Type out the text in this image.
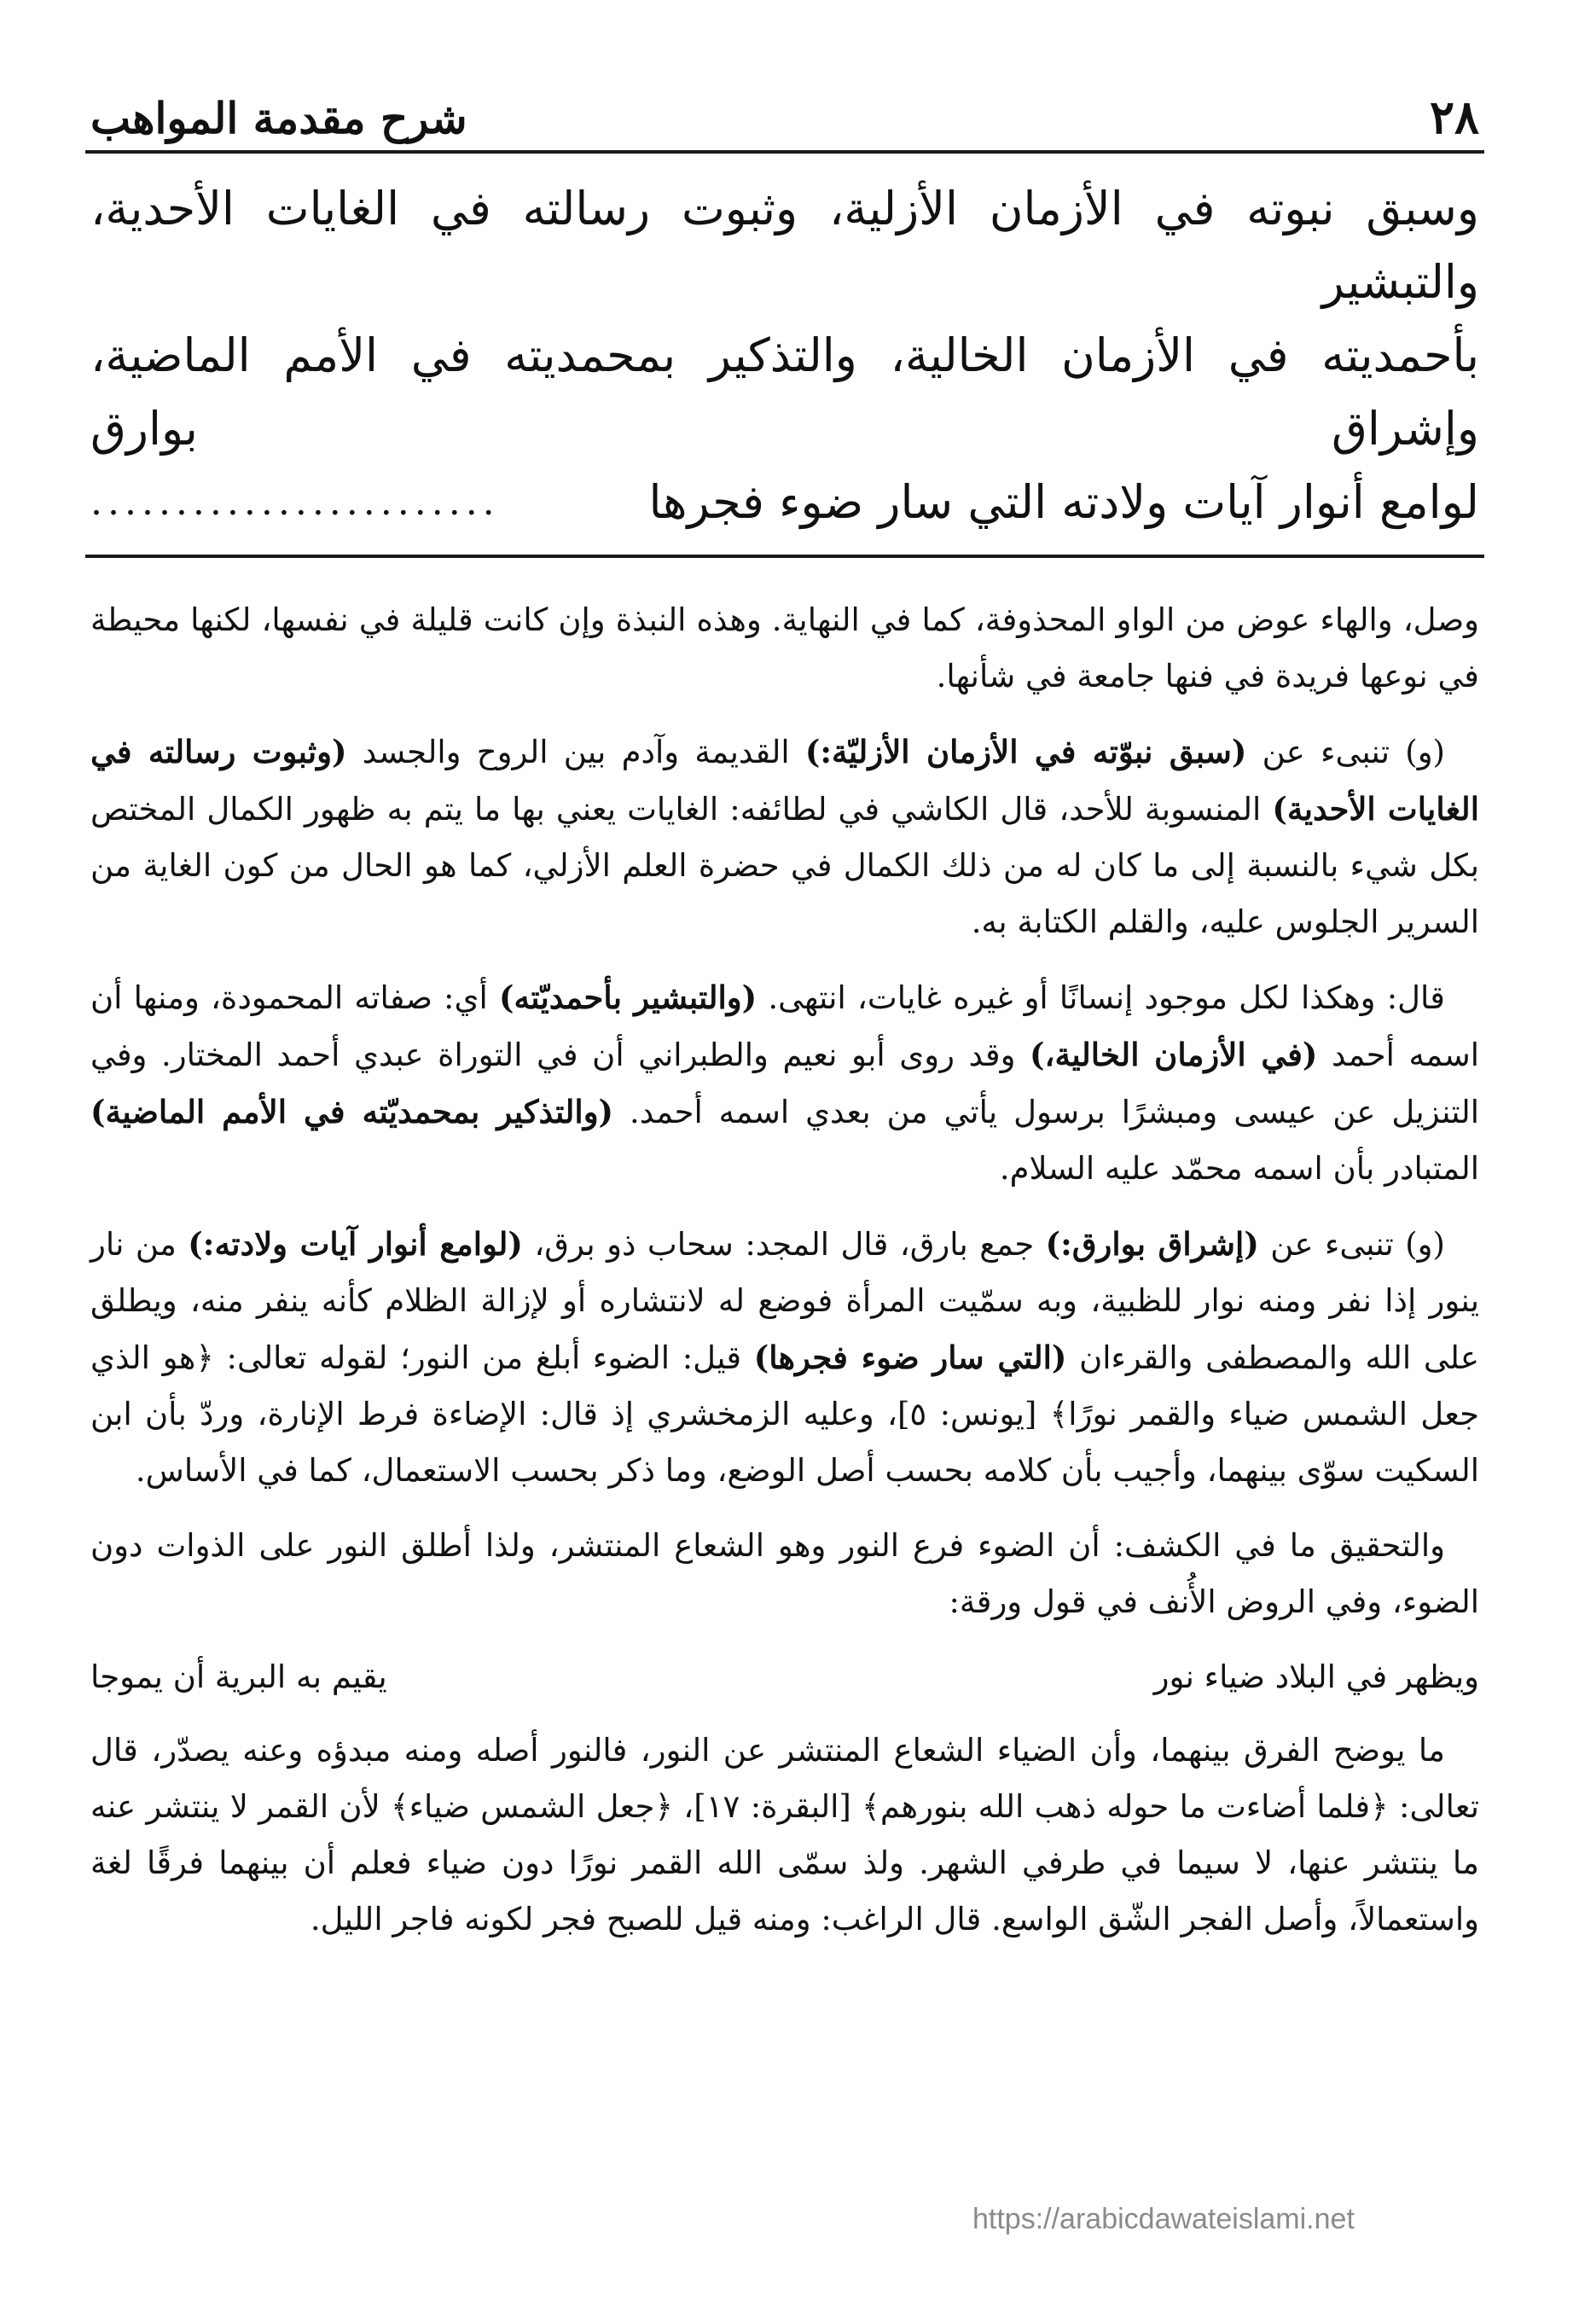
٢٨
شرح مقدمة المواهب
وسبق نبوته في الأزمان الأزلية، وثبوت رسالته في الغايات الأحدية، والتبشير
بأحمديته في الأزمان الخالية، والتذكير بمحمديته في الأمم الماضية، وإشراق بوارق
لوامع أنوار آيات ولادته التي سار ضوء فجرها
........................

وصل، والهاء عوض من الواو المحذوفة، كما في النهاية. وهذه النبذة وإن كانت قليلة في نفسها، لكنها محيطة في نوعها فريدة في فنها جامعة في شأنها.

(و) تنبىء عن (سبق نبوّته في الأزمان الأزليّة:) القديمة وآدم بين الروح والجسد (وثبوت رسالته في الغايات الأحدية) المنسوبة للأحد، قال الكاشي في لطائفه: الغايات يعني بها ما يتم به ظهور الكمال المختص بكل شيء بالنسبة إلى ما كان له من ذلك الكمال في حضرة العلم الأزلي، كما هو الحال من كون الغاية من السرير الجلوس عليه، والقلم الكتابة به.

قال: وهكذا لكل موجود إنسانًا أو غيره غايات، انتهى. (والتبشير بأحمديّته) أي: صفاته المحمودة، ومنها أن اسمه أحمد (في الأزمان الخالية،) وقد روى أبو نعيم والطبراني أن في التوراة عبدي أحمد المختار. وفي التنزيل عن عيسى ومبشرًا برسول يأتي من بعدي اسمه أحمد. (والتذكير بمحمديّته في الأمم الماضية) المتبادر بأن اسمه محمّد عليه السلام.

(و) تنبىء عن (إشراق بوارق:) جمع بارق، قال المجد: سحاب ذو برق، (لوامع أنوار آيات ولادته:) من نار ينور إذا نفر ومنه نوار للظبية، وبه سمّيت المرأة فوضع له لانتشاره أو لإزالة الظلام كأنه ينفر منه، ويطلق على الله والمصطفى والقرءان (التي سار ضوء فجرها) قيل: الضوء أبلغ من النور؛ لقوله تعالى: ﴿هو الذي جعل الشمس ضياء والقمر نورًا﴾ [يونس: ٥]، وعليه الزمخشري إذ قال: الإضاءة فرط الإنارة، وردّ بأن ابن السكيت سوّى بينهما، وأجيب بأن كلامه بحسب أصل الوضع، وما ذكر بحسب الاستعمال، كما في الأساس.

والتحقيق ما في الكشف: أن الضوء فرع النور وهو الشعاع المنتشر، ولذا أطلق النور على الذوات دون الضوء، وفي الروض الأُنف في قول ورقة:

ويظهر في البلاد ضياء نور
يقيم به البرية أن يموجا

ما يوضح الفرق بينهما، وأن الضياء الشعاع المنتشر عن النور، فالنور أصله ومنه مبدؤه وعنه يصدّر، قال تعالى: ﴿فلما أضاءت ما حوله ذهب الله بنورهم﴾ [البقرة: ١٧]، ﴿جعل الشمس ضياء﴾ لأن القمر لا ينتشر عنه ما ينتشر عنها، لا سيما في طرفي الشهر. ولذ سمّى الله القمر نورًا دون ضياء فعلم أن بينهما فرقًا لغة واستعمالاً، وأصل الفجر الشّق الواسع. قال الراغب: ومنه قيل للصبح فجر لكونه فاجر الليل.

https://arabicdawateislami.net
